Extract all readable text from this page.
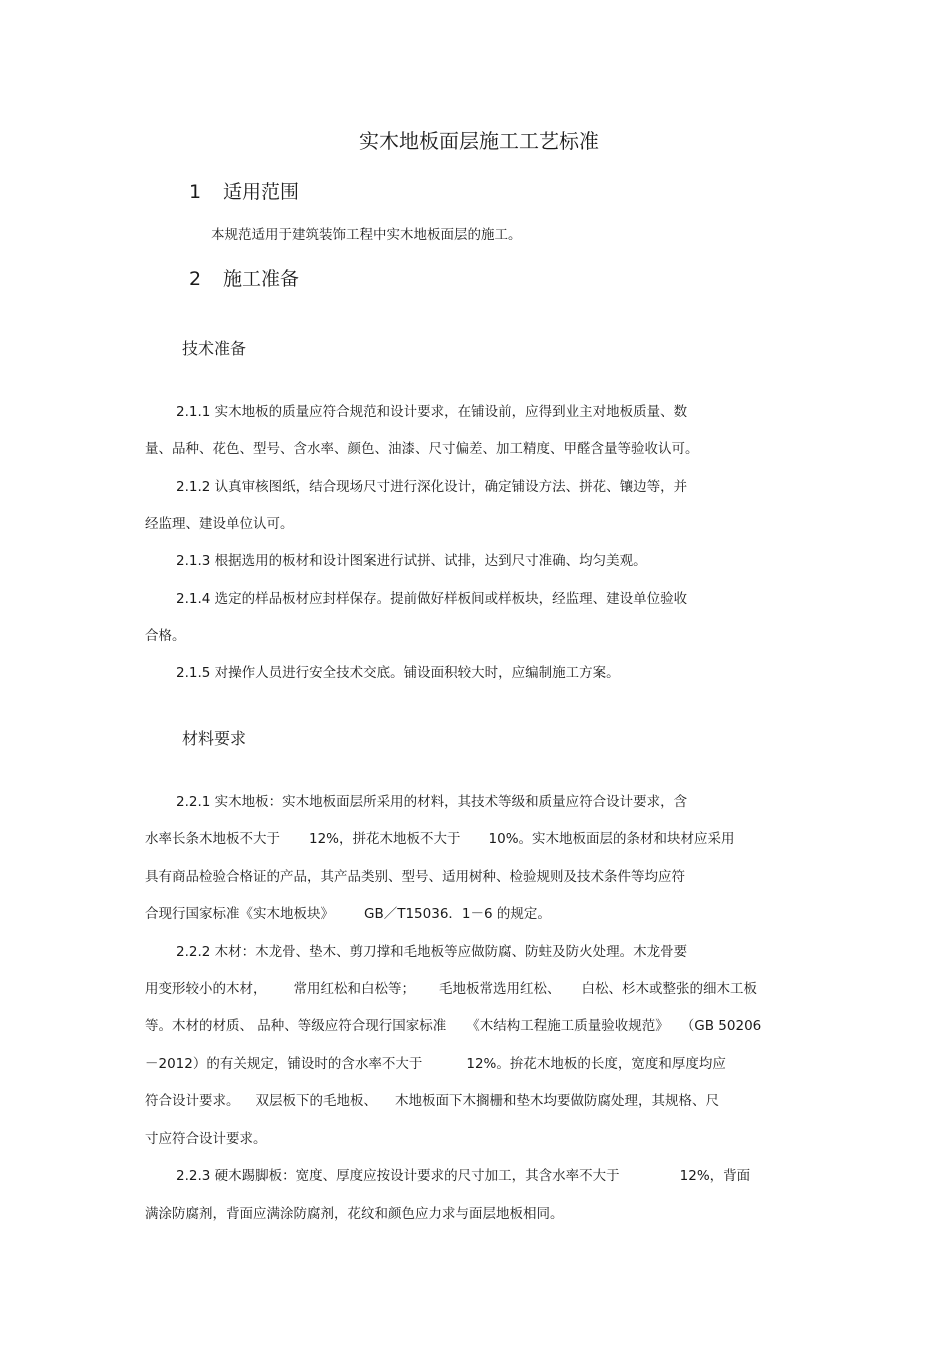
实木地板面层施工工艺标准
1 适用范围
本规范适用于建筑装饰工程中实木地板面层的施工。
2 施工准备
技术准备
2.1.1 实木地板的质量应符合规范和设计要求，在铺设前，应得到业主对地板质量、数
量、品种、花色、型号、含水率、颜色、油漆、尺寸偏差、加工精度、甲醛含量等验收认可。
2.1.2 认真审核图纸，结合现场尺寸进行深化设计，确定铺设方法、拼花、镶边等，并
经监理、建设单位认可。
2.1.3 根据选用的板材和设计图案进行试拼、试排，达到尺寸准确、均匀美观。
2.1.4 选定的样品板材应封样保存。提前做好样板间或样板块，经监理、建设单位验收
合格。
2.1.5 对操作人员进行安全技术交底。铺设面积较大时，应编制施工方案。
材料要求
2.2.1 实木地板：实木地板面层所采用的材料，其技术等级和质量应符合设计要求，含
水率长条木地板不大于 12%，拼花木地板不大于 10%。实木地板面层的条材和块材应采用
具有商品检验合格证的产品，其产品类别、型号、适用树种、检验规则及技术条件等均应符
合现行国家标准《实木地板块》 GB／T15036．1－6 的规定。
2.2.2 木材：木龙骨、垫木、剪刀撑和毛地板等应做防腐、防蛀及防火处理。木龙骨要
用变形较小的木材， 常用红松和白松等； 毛地板常选用红松、 白松、杉木或整张的细木工板
等。木材的材质、 品种、等级应符合现行国家标准 《木结构工程施工质量验收规范》 （GB 50206
－2012）的有关规定，铺设时的含水率不大于	12%。拚花木地板的长度，宽度和厚度均应
符合设计要求。 双层板下的毛地板、 木地板面下木搁栅和垫木均要做防腐处理，其规格、尺
寸应符合设计要求。
2.2.3 硬木踢脚板：宽度、厚度应按设计要求的尺寸加工，其含水率不大于	12%，背面
满涂防腐剂，背面应满涂防腐剂，花纹和颜色应力求与面层地板相同。
